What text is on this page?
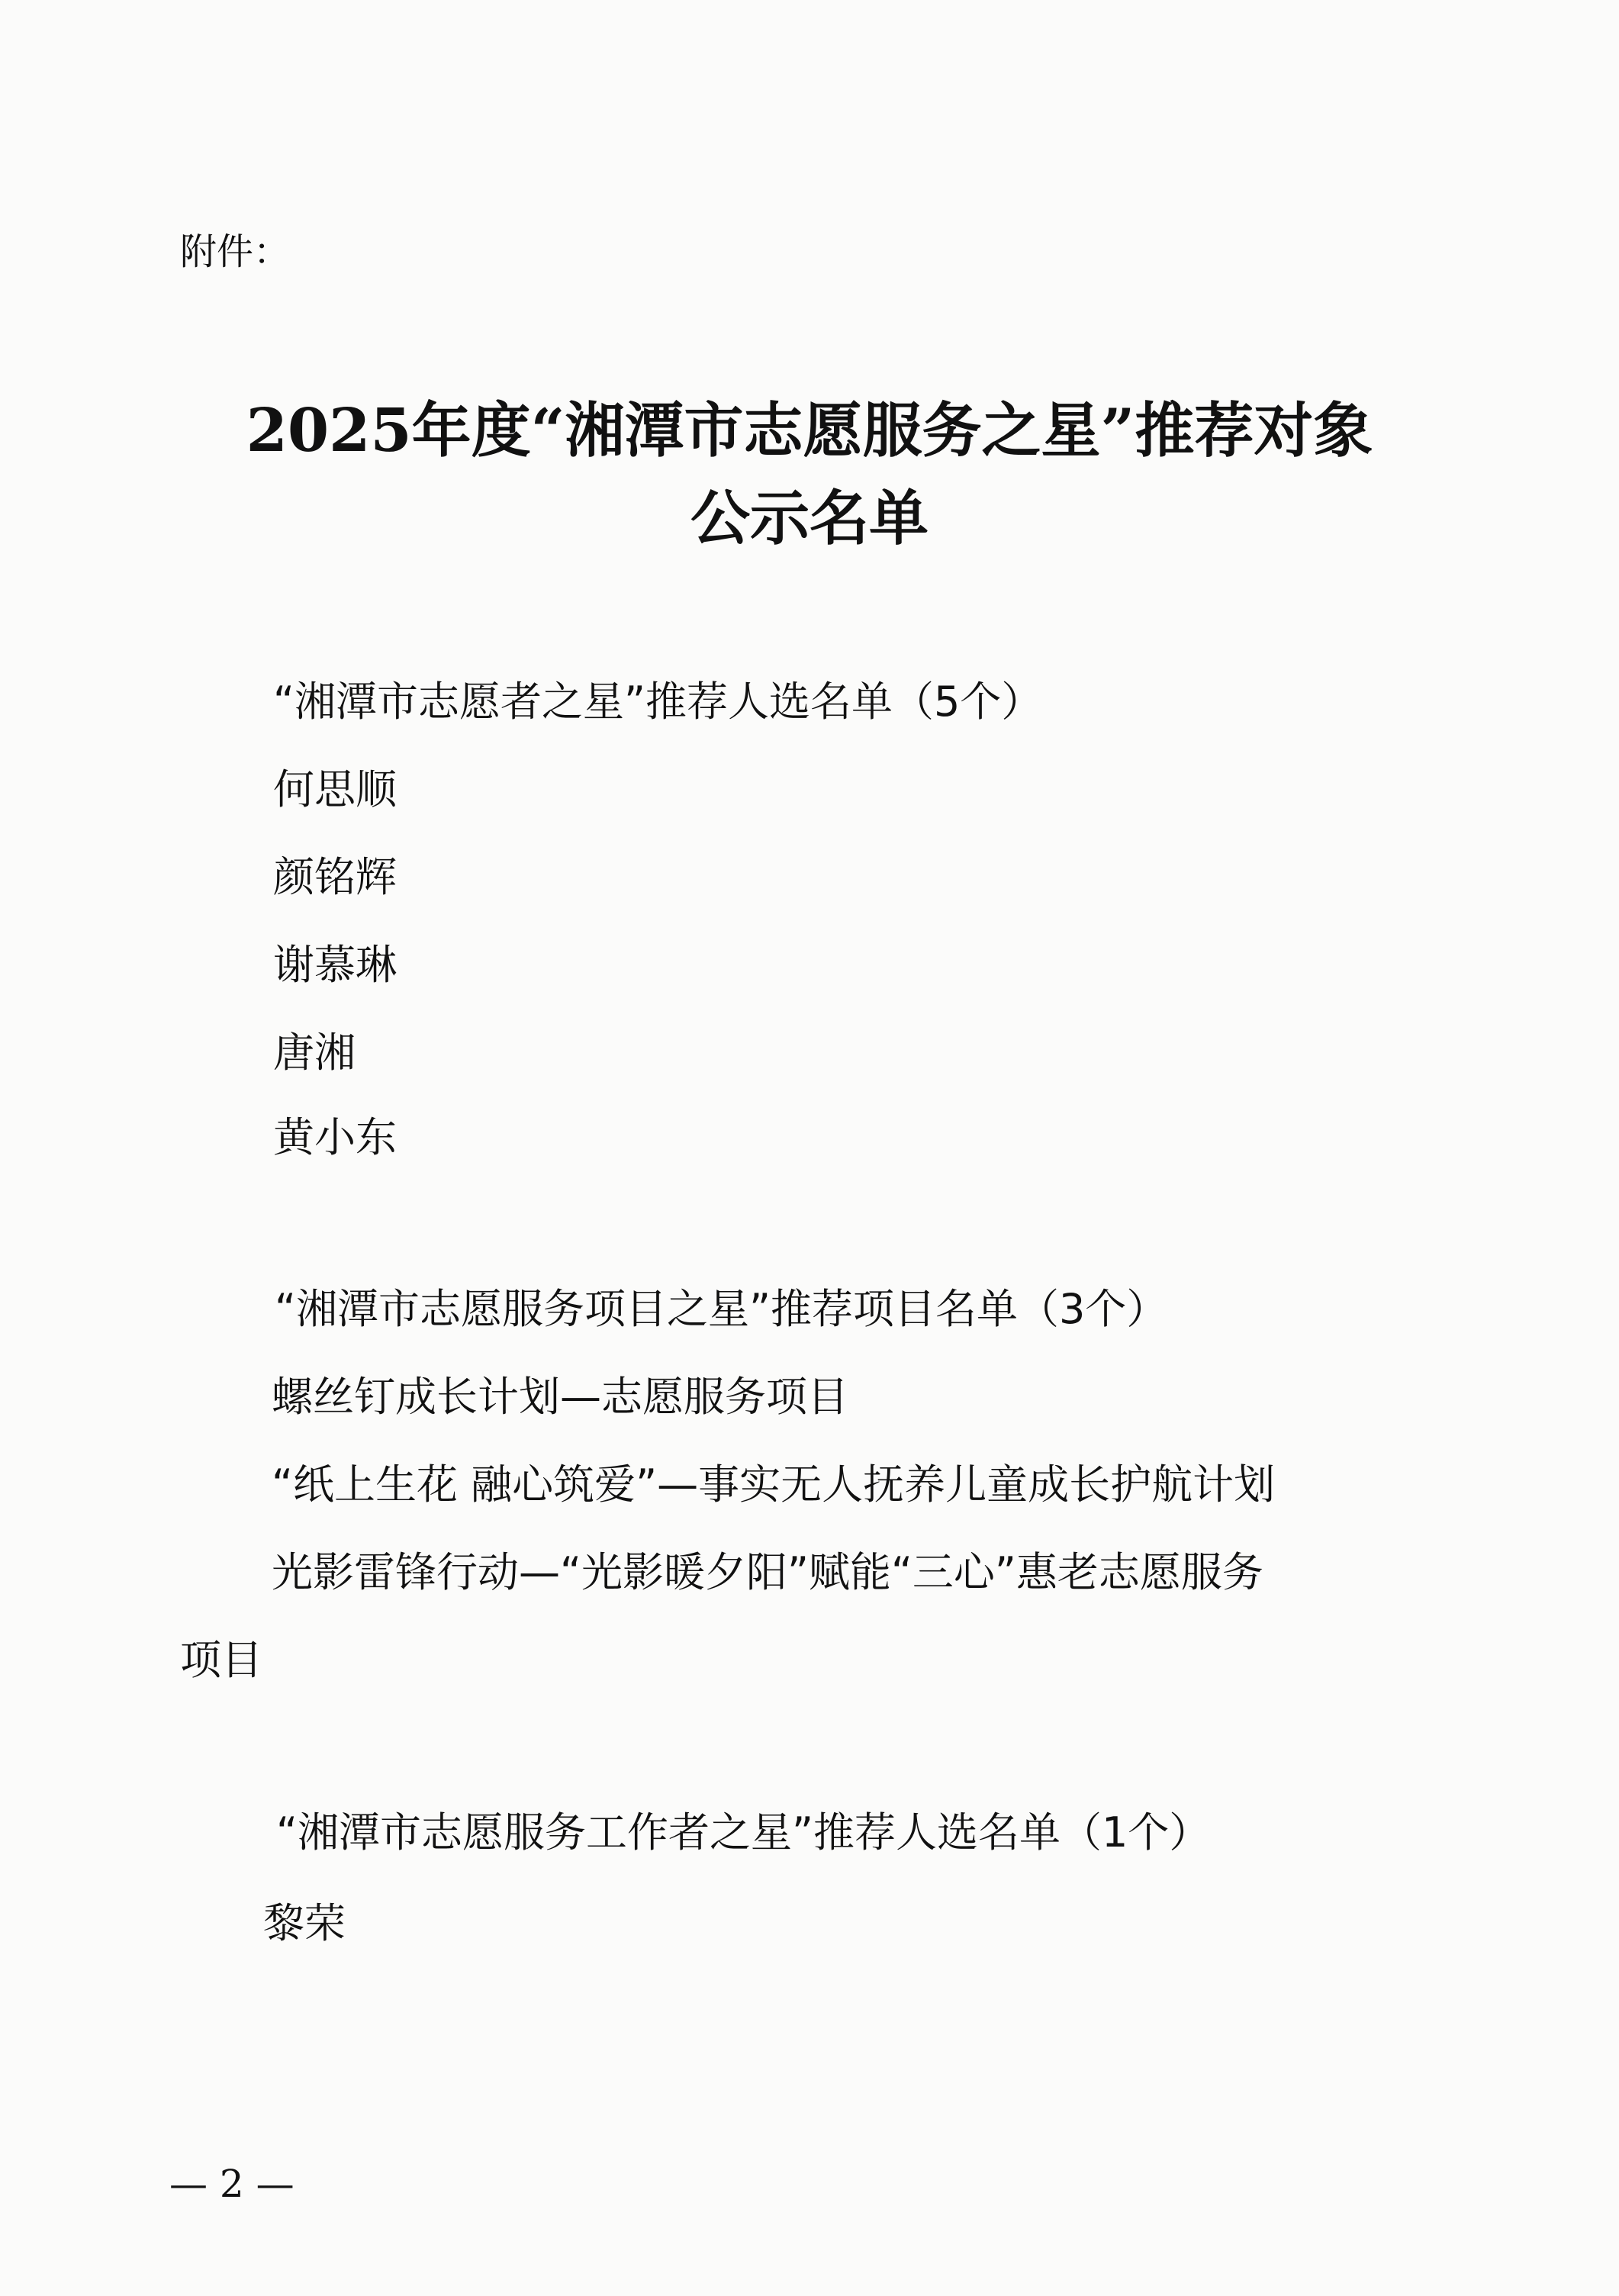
附件：
2025年度“湘潭市志愿服务之星”推荐对象
公示名单
“湘潭市志愿者之星”推荐人选名单（5个）
何思顺
颜铭辉
谢慕琳
唐湘
黄小东
“湘潭市志愿服务项目之星”推荐项目名单（3个）
螺丝钉成长计划—志愿服务项目
“纸上生花 融心筑爱”—事实无人抚养儿童成长护航计划
光影雷锋行动—“光影暖夕阳”赋能“三心”惠老志愿服务
项目
“湘潭市志愿服务工作者之星”推荐人选名单（1个）
黎荣
— 2 —
